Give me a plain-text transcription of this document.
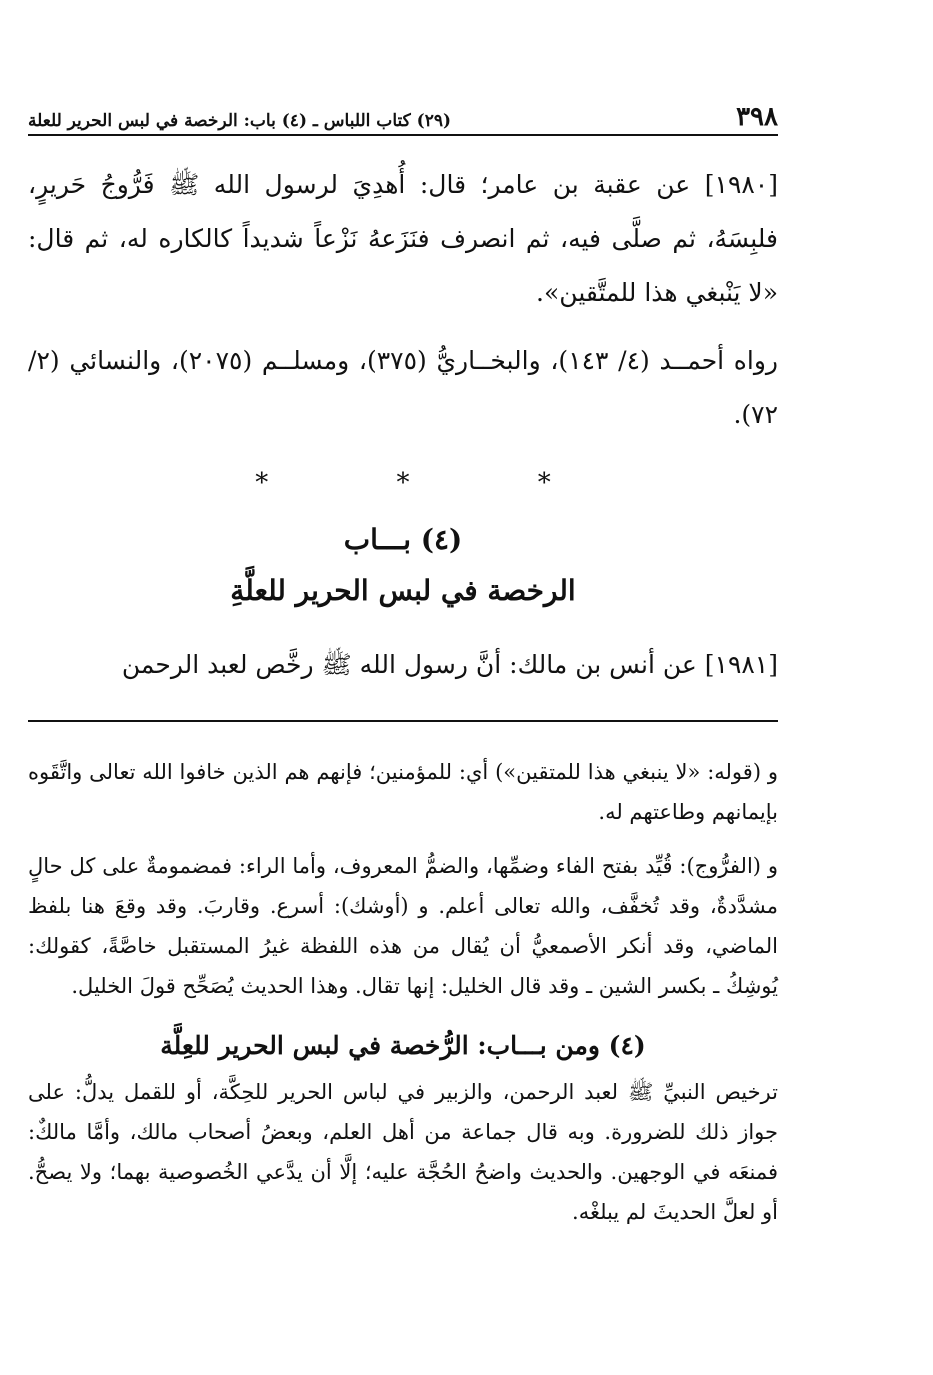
٣٩٨
(٢٩) كتاب اللباس ـ (٤) باب: الرخصة في لبس الحرير للعلة

[١٩٨٠] عن عقبة بن عامر؛ قال: أُهدِيَ لرسول الله ﷺ فَرُّوجُ حَريرٍ، فلبِسَهُ، ثم صلَّى فيه، ثم انصرف فنَزَعهُ نَزْعاً شديداً كالكاره له، ثم قال: «لا يَنْبغي هذا للمتَّقين».

رواه أحمــد (٤/ ١٤٣)، والبخــاريُّ (٣٧٥)، ومسلــم (٢٠٧٥)، والنسائي (٢/ ٧٢).

* * *
(٤) بـــاب
الرخصة في لبس الحرير للعلَّةِ

[١٩٨١] عن أنس بن مالك: أنَّ رسول الله ﷺ رخَّص لعبد الرحمن

و (قوله: «لا ينبغي هذا للمتقين») أي: للمؤمنين؛ فإنهم هم الذين خافوا الله تعالى واتَّقَوه بإيمانهم وطاعتهم له.

و (الفرُّوج): قُيِّد بفتح الفاء وضمِّها، والضمُّ المعروف، وأما الراء: فمضمومةٌ على كل حالٍ مشدَّدةٌ، وقد تُخفَّف، والله تعالى أعلم. و (أوشك): أسرع. وقاربَ. وقد وقعَ هنا بلفظ الماضي، وقد أنكر الأصمعيُّ أن يُقال من هذه اللفظة غيرُ المستقبل خاصَّةً، كقولك: يُوشِكُ ـ بكسر الشين ـ وقد قال الخليل: إنها تقال. وهذا الحديث يُصَحِّح قولَ الخليل.

(٤) ومن بـــاب: الرُّخصة في لبس الحرير للعِلَّة

ترخيص النبيِّ ﷺ لعبد الرحمن، والزبير في لباس الحرير للحِكَّة، أو للقمل يدلُّ: على جواز ذلك للضرورة. وبه قال جماعة من أهل العلم، وبعضُ أصحاب مالك، وأمَّا مالكٌ: فمنعَه في الوجهين. والحديث واضحُ الحُجَّة عليه؛ إلَّا أن يدَّعي الخُصوصية بهما؛ ولا يصحُّ. أو لعلَّ الحديثَ لم يبلغْه.
